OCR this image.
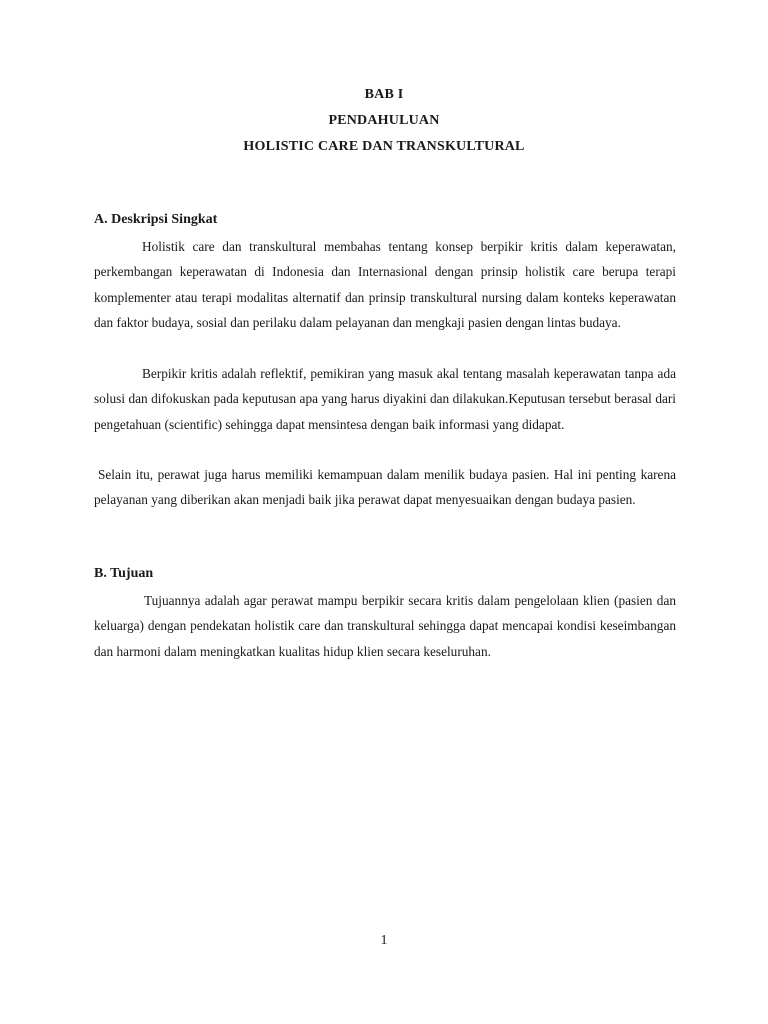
BAB I
PENDAHULUAN
HOLISTIC CARE DAN TRANSKULTURAL
A. Deskripsi Singkat

Holistik care dan transkultural membahas tentang konsep berpikir kritis dalam keperawatan, perkembangan keperawatan di Indonesia dan Internasional dengan prinsip holistik care berupa terapi komplementer atau terapi modalitas alternatif dan prinsip transkultural nursing dalam konteks keperawatan dan faktor budaya, sosial dan perilaku dalam pelayanan dan mengkaji pasien dengan lintas budaya.

Berpikir kritis adalah reflektif, pemikiran yang masuk akal tentang masalah keperawatan tanpa ada solusi dan difokuskan pada keputusan apa yang harus diyakini dan dilakukan.Keputusan tersebut berasal dari pengetahuan (scientific) sehingga dapat mensintesa dengan baik informasi yang didapat.

Selain itu, perawat juga harus memiliki kemampuan dalam menilik budaya pasien. Hal ini penting karena pelayanan yang diberikan akan menjadi baik jika perawat dapat menyesuaikan dengan budaya pasien.

B. Tujuan

Tujuannya adalah agar perawat mampu berpikir secara kritis dalam pengelolaan klien (pasien dan keluarga) dengan pendekatan holistik care dan transkultural sehingga dapat mencapai kondisi keseimbangan dan harmoni dalam meningkatkan kualitas hidup klien secara keseluruhan.

1
